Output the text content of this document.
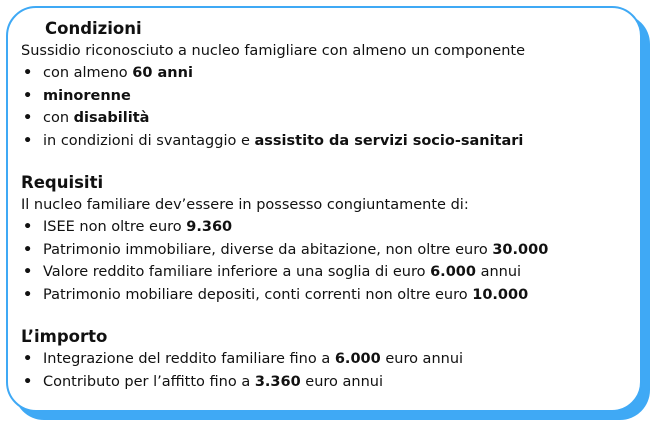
Condizioni

Sussidio riconosciuto a nucleo famigliare con almeno un componente

• con almeno 60 anni
• minorenne
• con disabilità
• in condizioni di svantaggio e assistito da servizi socio-sanitari
Requisiti

Il nucleo familiare dev’essere in possesso congiuntamente di:

• ISEE non oltre euro 9.360
• Patrimonio immobiliare, diverse da abitazione, non oltre euro 30.000
• Valore reddito familiare inferiore a una soglia di euro 6.000 annui
• Patrimonio mobiliare depositi, conti correnti non oltre euro 10.000
L’importo
• Integrazione del reddito familiare fino a 6.000 euro annui
• Contributo per l’affitto fino a 3.360 euro annui
